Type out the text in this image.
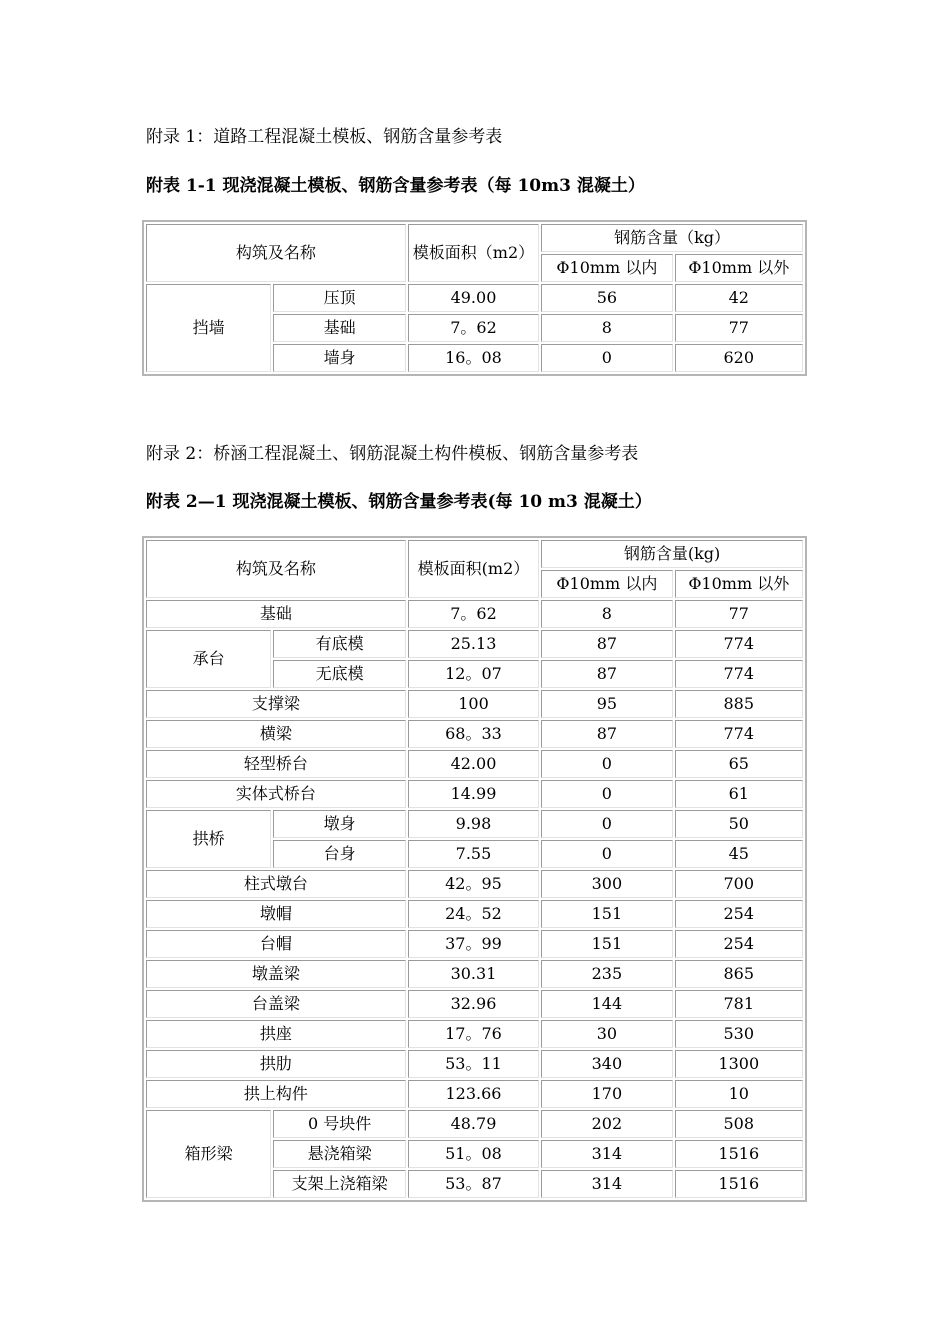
附录 1：道路工程混凝土模板、钢筋含量参考表
附表 1-1 现浇混凝土模板、钢筋含量参考表（每 10m3 混凝土）
构筑及名称		模板面积（m2）	钢筋含量（kg）	
			Φ10mm 以内	Φ10mm 以外
挡墙	压顶	49.00	56	42
	基础	7。62	8	77
	墙身	16。08	0	620
附录 2：桥涵工程混凝土、钢筋混凝土构件模板、钢筋含量参考表
附表 2—1 现浇混凝土模板、钢筋含量参考表(每 10 m3 混凝土）
构筑及名称		模板面积(m2）	钢筋含量(kg)	
			Φ10mm 以内	Φ10mm 以外
基础		7。62	8	77
承台	有底模	25.13	87	774
	无底模	12。07	87	774
支撑梁		100	95	885
横梁		68。33	87	774
轻型桥台		42.00	0	65
实体式桥台		14.99	0	61
拱桥	墩身	9.98	0	50
	台身	7.55	0	45
柱式墩台		42。95	300	700
墩帽		24。52	151	254
台帽		37。99	151	254
墩盖梁		30.31	235	865
台盖梁		32.96	144	781
拱座		17。76	30	530
拱肋		53。11	340	1300
拱上构件		123.66	170	10
箱形梁	0 号块件	48.79	202	508
	悬浇箱梁	51。08	314	1516
	支架上浇箱梁	53。87	314	1516
